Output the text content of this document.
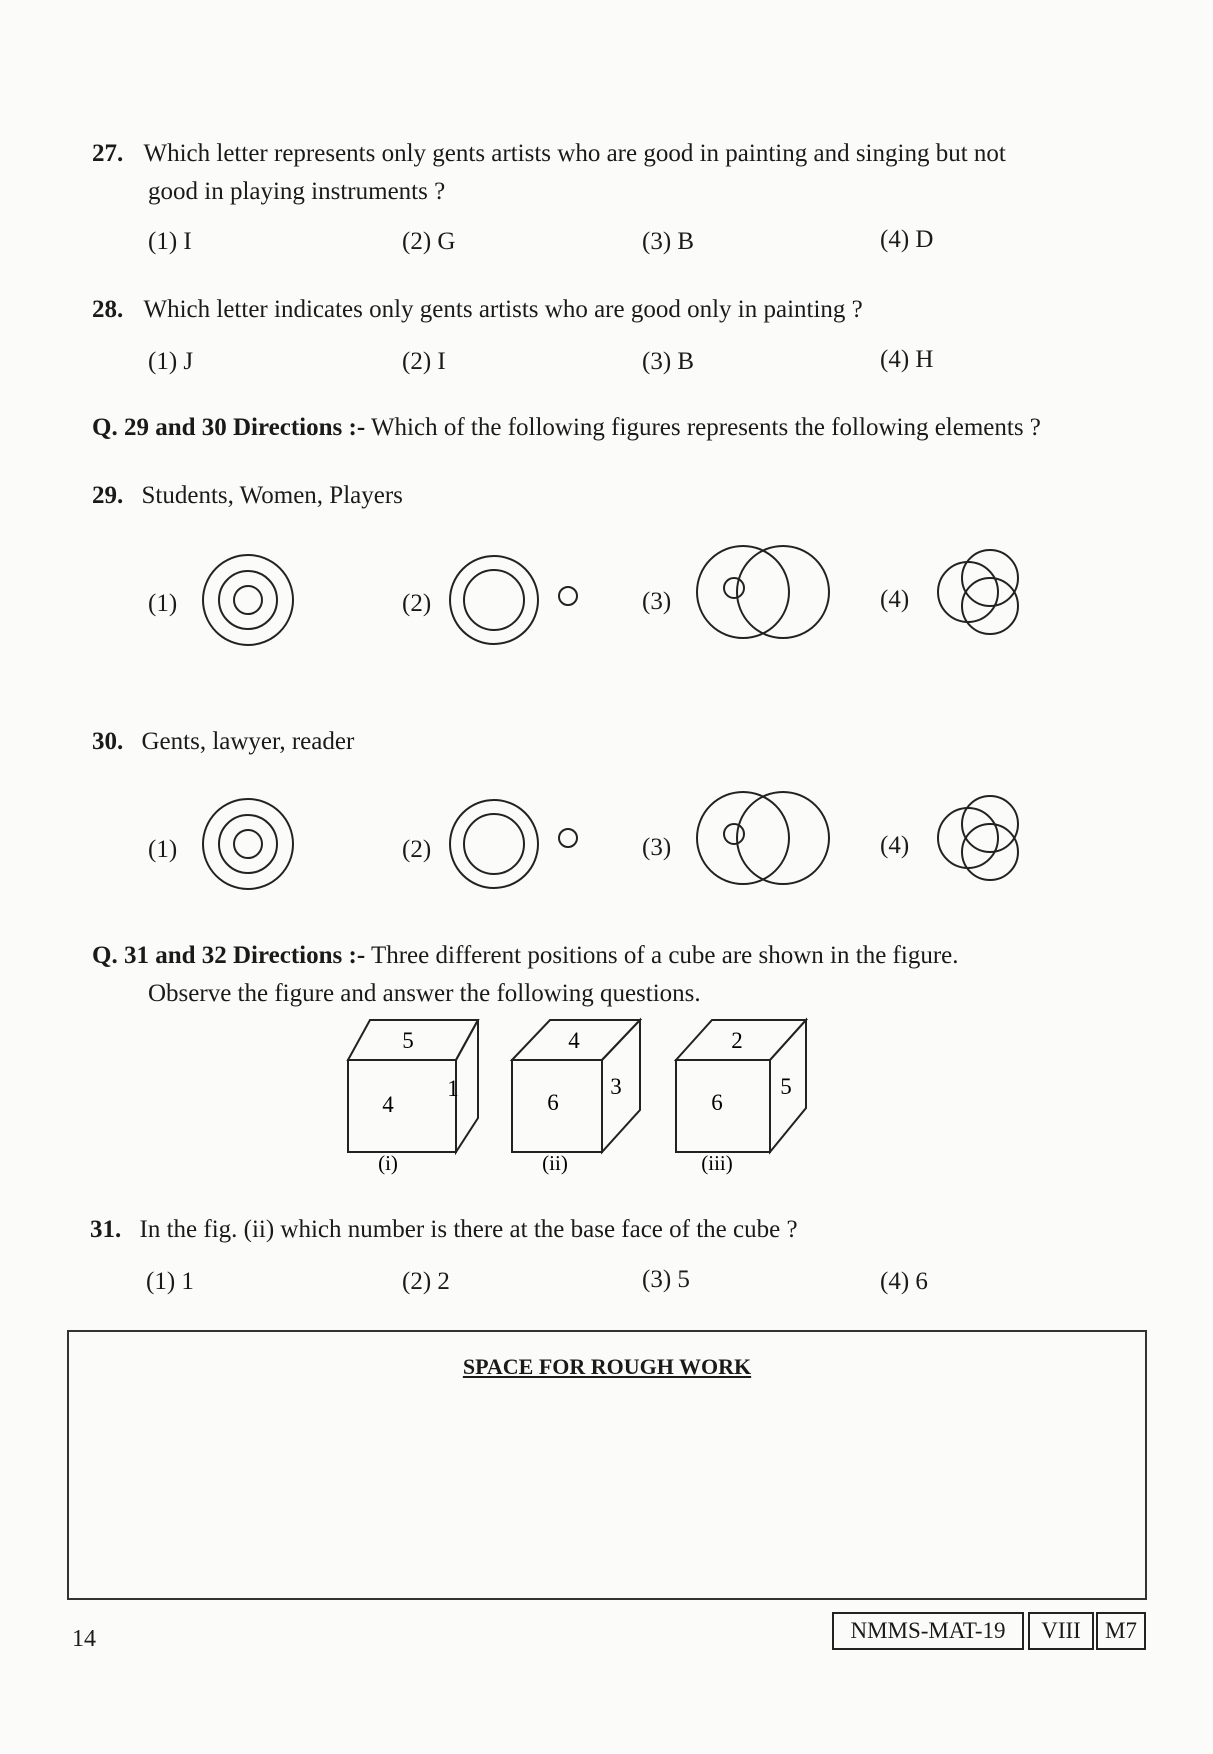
27. Which letter represents only gents artists who are good in painting and singing but not
good in playing instruments ?
(1) I	(2) G	(3) B	(4) D
28. Which letter indicates only gents artists who are good only in painting ?
(1) J	(2) I	(3) B	(4) H
Q. 29 and 30 Directions :- Which of the following figures represents the following elements ?
29. Students, Women, Players
(1)	(2)	(3)	(4)
30. Gents, lawyer, reader
(1)	(2)	(3)	(4)
Q. 31 and 32 Directions :- Three different positions of a cube are shown in the figure.
Observe the figure and answer the following questions.
5
4
1
(i)
4
6
3
(ii)
2
6
5
(iii)
31. In the fig. (ii) which number is there at the base face of the cube ?
(1) 1	(2) 2	(3) 5	(4) 6
SPACE FOR ROUGH WORK
14	NMMS-MAT-19	VIII	M7
